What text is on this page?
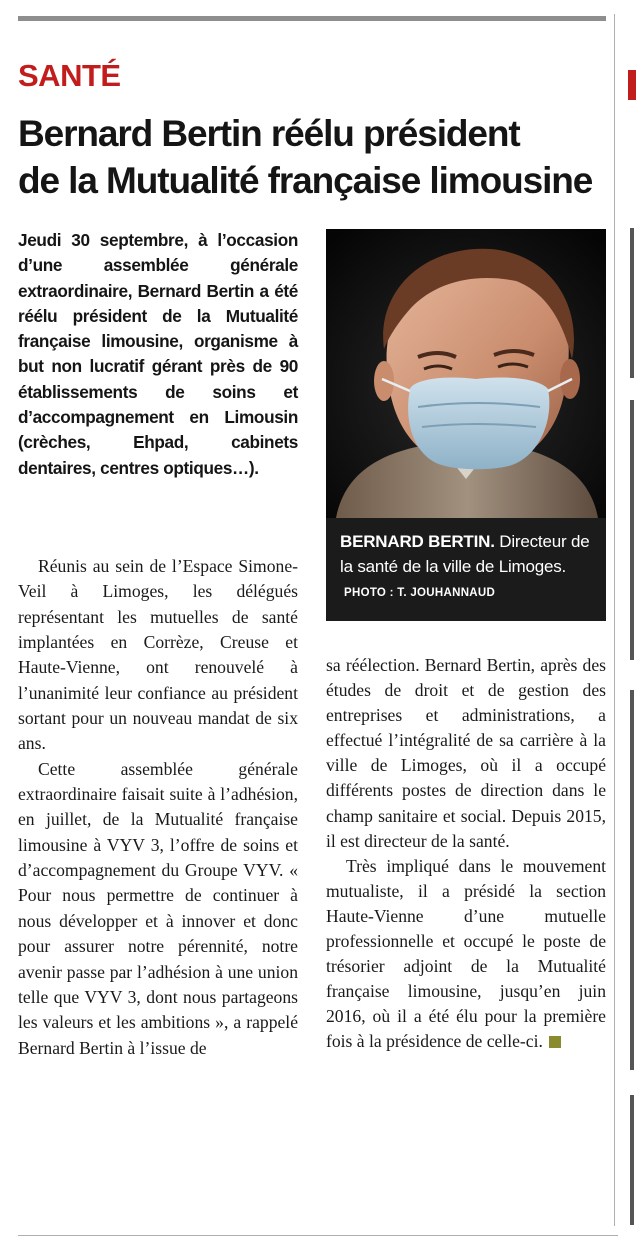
SANTÉ
Bernard Bertin réélu président
de la Mutualité française limousine

Jeudi 30 septembre, à l’occasion d’une assemblée générale extraordinaire, Bernard Bertin a été réélu président de la Mutualité française limousine, organisme à but non lucratif gérant près de 90 établissements de soins et d’accompagnement en Limousin (crèches, Ehpad, cabinets dentaires, centres optiques…).

BERNARD BERTIN. Directeur de la santé de la ville de Limoges. PHOTO : T. JOUHANNAUD

Réunis au sein de l’Espace Simone-Veil à Limoges, les délégués représentant les mutuelles de santé implantées en Corrèze, Creuse et Haute-Vienne, ont renouvelé à l’unanimité leur confiance au président sortant pour un nouveau mandat de six ans.

Cette assemblée générale extraordinaire faisait suite à l’adhésion, en juillet, de la Mutualité française limousine à VYV 3, l’offre de soins et d’accompagnement du Groupe VYV. « Pour nous permettre de continuer à nous développer et à innover et donc pour assurer notre pérennité, notre avenir passe par l’adhésion à une union telle que VYV 3, dont nous partageons les valeurs et les ambitions », a rappelé Bernard Bertin à l’issue de

sa réélection. Bernard Bertin, après des études de droit et de gestion des entreprises et administrations, a effectué l’intégralité de sa carrière à la ville de Limoges, où il a occupé différents postes de direction dans le champ sanitaire et social. Depuis 2015, il est directeur de la santé.

Très impliqué dans le mouvement mutualiste, il a présidé la section Haute-Vienne d’une mutuelle professionnelle et occupé le poste de trésorier adjoint de la Mutualité française limousine, jusqu’en juin 2016, où il a été élu pour la première fois à la présidence de celle-ci.
